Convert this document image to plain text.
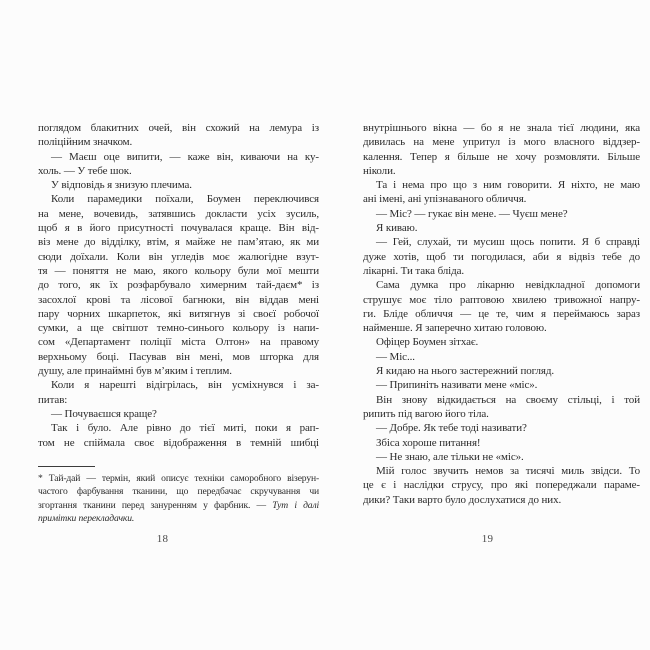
поглядом блакитних очей, він схожий на лемура із
поліційним значком.
— Маєш оце випити, — каже він, киваючи на ку-
холь. — У тебе шок.
У відповідь я знизую плечима.
Коли парамедики поїхали, Боумен переключився
на мене, вочевидь, затявшись докласти усіх зусиль,
щоб я в його присутності почувалася краще. Він від-
віз мене до відділку, втім, я майже не пам’ятаю, як ми
сюди доїхали. Коли він угледів моє жалюгідне взут-
тя — поняття не маю, якого кольору були мої мешти
до того, як їх розфарбувало химерним тай-даєм* із
засохлої крові та лісової багнюки, він віддав мені
пару чорних шкарпеток, які витягнув зі своєї робочої
сумки, а ще світшот темно-синього кольору із напи-
сом «Департамент поліції міста Олтон» на правому
верхньому боці. Пасував він мені, мов шторка для
душу, але принаймні був м’яким і теплим.
Коли я нарешті відігрілась, він усміхнувся і за-
питав:
— Почуваєшся краще?
Так і було. Але рівно до тієї миті, поки я рап-
том не спіймала своє відображення в темній шибці
* Тай-дай — термін, який описує техніки саморобного візерун-
частого фарбування тканини, що передбачає скручування чи
згортання тканини перед зануренням у фарбник. — Тут і далі
примітки перекладачки.
внутрішнього вікна — бо я не знала тієї людини, яка
дивилась на мене упритул із мого власного віддзер-
калення. Тепер я більше не хочу розмовляти. Більше
ніколи.
Та і нема про що з ним говорити. Я ніхто, не маю
ані імені, ані упізнаваного обличчя.
— Міс? — гукає він мене. — Чуєш мене?
Я киваю.
— Гей, слухай, ти мусиш щось попити. Я б справді
дуже хотів, щоб ти погодилася, аби я відвіз тебе до
лікарні. Ти така бліда.
Сама думка про лікарню невідкладної допомоги
струшує моє тіло раптовою хвилею тривожної напру-
ги. Бліде обличчя — це те, чим я переймаюсь зараз
найменше. Я заперечно хитаю головою.
Офіцер Боумен зітхає.
— Міс...
Я кидаю на нього застережний погляд.
— Припиніть називати мене «міс».
Він знову відкидається на своєму стільці, і той
рипить під вагою його тіла.
— Добре. Як тебе тоді називати?
Збіса хороше питання!
— Не знаю, але тільки не «міс».
Мій голос звучить немов за тисячі миль звідси. То
це є і наслідки струсу, про які попереджали параме-
дики? Таки варто було дослухатися до них.
18	19
